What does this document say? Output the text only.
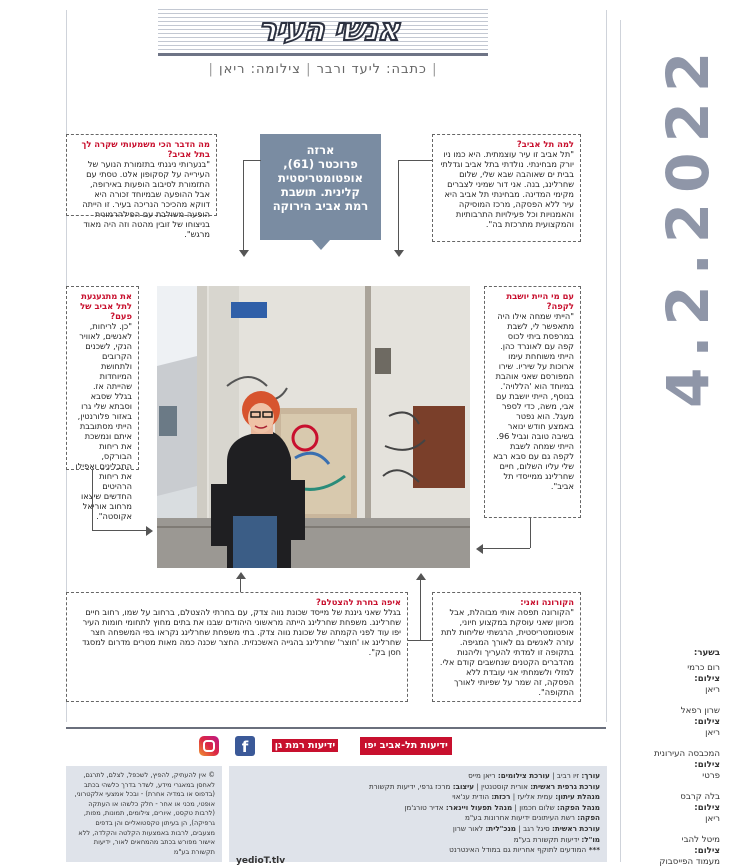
אנשי העיר
| כתבה: ליעד ורבר | צילומה: ריאן |	4.2.2022
מה הדבר הכי משמעותי שקרה לך בתל אביב?
"בנערותי ניגנתי בתזמורת הנוער של העירייה על קסקופון אלט. טסתי עם התזמורת לסיבוב הופעות באירופה, אבל ההופעה שבמיוחד זכורה היא דווקא מהכיכר הנריכה בעיר. זו הייתה הופעה משולבת עם הפילהרמונית בניצוחו של זובין מהטה וזה היה מאוד מרגש".
ארזה
פרוכטר (61),
אופטומטריסטית
קלינית. תושבת
רמת אביב הירוקה
למה תל אביב?
"תל אביב זו עיר עוצמתית. היא כמו ניו יורק מבחינתי. נולדתי בתל אביב וגדלתי בבית ים שאוהבה שבא שלי, שלום שחרלינג, בנה. אני דור שמיני לצברים מקימי המדינה. מבחינתי תל אביב היא עיר ללא הפסקה, מרכז המוסיקה והאמנויות וכל פעילויות התרבותיות והמקצועית מתרכזת בה".
את מתגעגעת לתל אביב של פעם?
"כן. לריחות, לאנשים, לאוויר הנקי, לשכנים הקרובים ולתחושת המיוחדות שהייתה אז. בגלל שסבא וסבתא שלי גרו באזור פלורנטין, הייתי מסתובבת איתם ונמשכת את ריחות הבורקס, התבלינים ואפילו את ריחות הרהיטים החדשים שיצאו מרחוב אוריאל אקוסטה".
עם מי היית יושבת לקפה?
"הייתי שמחה אילו היה מתאפשר לי, לשבת במרפסת ביתי לכוס קפה עם לאונרד כהן. הייתי משוחחת עימו ארוכות על שיריו. שירו המפורסם שאני אוהבת במיוחד הוא 'הללויה'. בנוסף, הייתי יושבת עם אבי, משה, כדי לספר מעגל. הוא נפטר באמצע חודש ינואר בשיבה טובה וגביל 96. הייתי שמחה לשבת לקפה גם עם סבא רבא שלי עליו השלום, חיים שחרלינג ממייסדי תל אביב".
איפה בחרת להצטלם?
בגלל שאני גיננת של מייסד שכונת נווה צדק, עם בחרתי להצטלם, ברחוב על שמו, רחוב חיים שחרלינג. משפחת שחרלינג הייתה מראשוני היהודים שבנו את בתים מחוץ לתחומי חומות העיר יפו עוד לפני הקמתה של שכונת נווה צדק. בתי משפחת שחרלינג נקראו בפי המשפחה חצר שחרלינג או 'חוצר' שחרלינג בהגייה האשכנזית. החצר שכנה כמה מאות מטרים מדרום למסגד חסן בק".
הקורונה ואני:
"הקורונה תפסה אותי מבוהלת, אבל מכיוון שאני עוסקת במקצוע חיוני, אופטומטריסטית, הרגשתי שליחות לתת עזרה לאנשים גם לאורך המגיפה. בתקופה זו למדתי להעריך וליהנות מהדברים הקטנים שנחשבים קודם אלי. למזלי ולשמחתי אני עובדת ללא הפסקה, זה שמר על שפיותי לאורך התקופה".
ידיעות תל-אביב יפו
ידיעות רמת גן
f
עורך: זיו רביב | עורכת צילומים: ריאן מייס
עורכת גרפית ראשית: אורית קוסטנטין | עיצוב: מרכז גרפי, ידיעות תקשורת
מנהלת עיתון: עמית אליעז | רכזת: הודית ענ'אוי
מנהל הפקה: שלום חכמון | מנהל תפעול ויינאר: אדיר טורג'מן
הפקה: רשת העיתונים ידיעות אחרונות בע"מ
עורכת ראשית: סיגל רגב | מנכ"לית: לאור שרון
מו"ל: ידיעות תקשורת בע"מ
*** המודעים לתוקף אחריות גם במודל האינטרנט
yedioT.tlv
© אין להעתיק, להפיץ, לשכפל, לצלם, לתרגם, לאחסן במאגרי מידע, לשדר בדרך כלשהי בכתב (בדפוס או במדיה אחרת) - ובכל אמצעי אלקטרוני, אופטי, מכני או אחר - חלק כלשהו או העתקה (לרבות טקסט, איורים, צילומים, תמונות, מפות, גרפיקה), הן בעיתון טקסטואליים והן בדפים מצעבים, לרבות באמצעות הקלטה והקלדה, ללא אישור מפורש בכתב מהמחאים לאור, ידיעות תקשורת בע"מ
בשער:
רום כרמי
צילום:
ריאן
שרון רפאל
צילום:
ריאן
המכבסה העירונית
צילום:
פרטי
בלה קרבס
צילום:
ריאן
מיטל להבי
צילום:
מעמוד הפייסבוק
